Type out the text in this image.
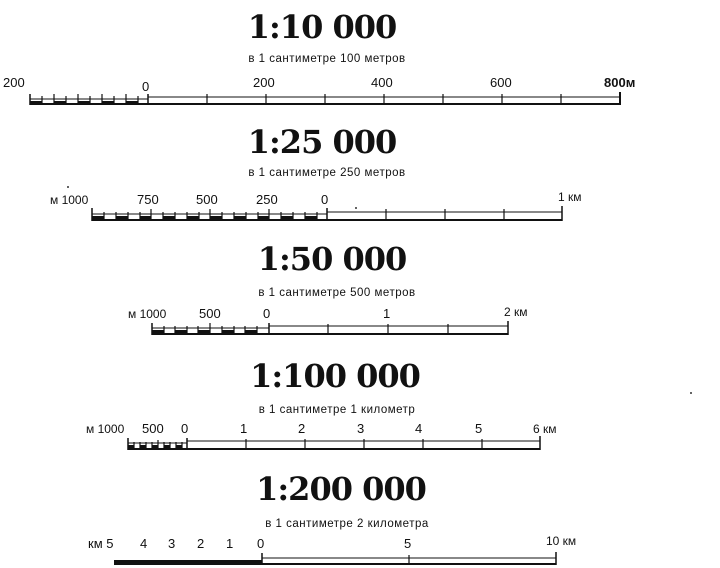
1:10 000
в 1 сантиметре 100 метров
200	0	200	400	600	800м
1:25 000
в 1 сантиметре 250 метров
м 1000	750	500	250	0	1 км
1:50 000
в 1 сантиметре 500 метров
м 1000	500	0	1	2 км
1:100 000
в 1 сантиметре 1 километр
м 1000 500 0	1	2	3	4	5	6 км
1:200 000
в 1 сантиметре 2 километра
км 5 4 3 2 1 0	5	10 км
